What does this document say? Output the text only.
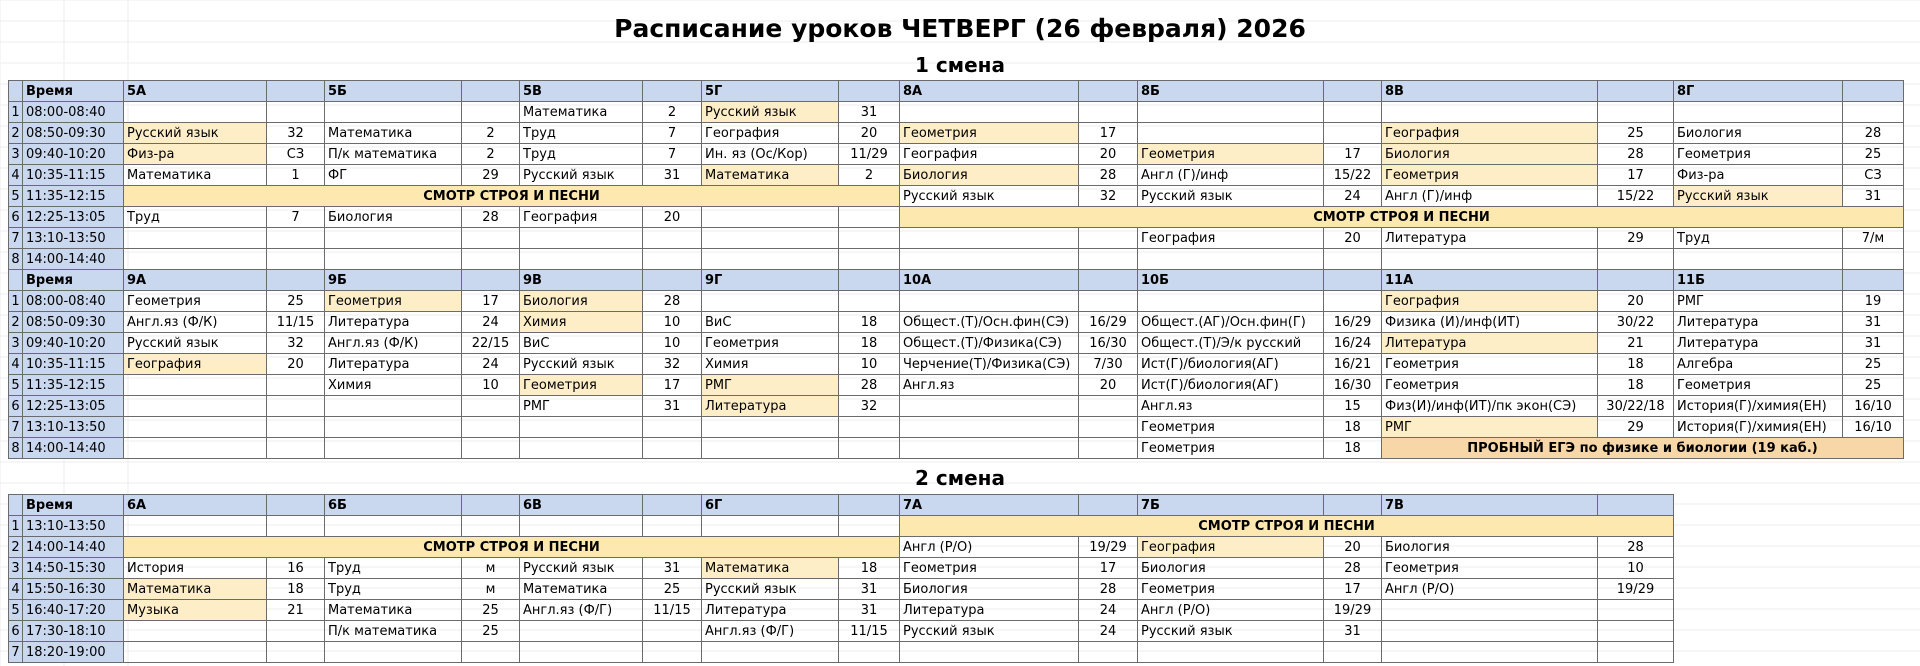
Расписание уроков ЧЕТВЕРГ (26 февраля) 2026
1 смена
2 смена
	Время	5А		5Б		5В		5Г		8А		8Б		8В		8Г	
1	08:00-08:40					Математика	2	Русский язык	31								
2	08:50-09:30	Русский язык	32	Математика	2	Труд	7	География	20	Геометрия	17			География	25	Биология	28
3	09:40-10:20	Физ-ра	СЗ	П/к математика	2	Труд	7	Ин. яз (Ос/Кор)	11/29	География	20	Геометрия	17	Биология	28	Геометрия	25
4	10:35-11:15	Математика	1	ФГ	29	Русский язык	31	Математика	2	Биология	28	Англ (Г)/инф	15/22	Геометрия	17	Физ-ра	СЗ
5	11:35-12:15	СМОТР СТРОЯ И ПЕСНИ								Русский язык	32	Русский язык	24	Англ (Г)/инф	15/22	Русский язык	31
6	12:25-13:05	Труд	7	Биология	28	География	20			СМОТР СТРОЯ И ПЕСНИ							
7	13:10-13:50											География	20	Литература	29	Труд	7/м
8	14:00-14:40																
	Время	9А		9Б		9В		9Г		10А		10Б		11А		11Б	
1	08:00-08:40	Геометрия	25	Геометрия	17	Биология	28							География	20	РМГ	19
2	08:50-09:30	Англ.яз (Ф/К)	11/15	Литература	24	Химия	10	ВиС	18	Общест.(Т)/Осн.фин(СЭ)	16/29	Общест.(АГ)/Осн.фин(Г)	16/29	Физика (И)/инф(ИТ)	30/22	Литература	31
3	09:40-10:20	Русский язык	32	Англ.яз (Ф/К)	22/15	ВиС	10	Геометрия	18	Общест.(Т)/Физика(СЭ)	16/30	Общест.(Т)/Э/к русский	16/24	Литература	21	Литература	31
4	10:35-11:15	География	20	Литература	24	Русский язык	32	Химия	10	Черчение(Т)/Физика(СЭ)	7/30	Ист(Г)/биология(АГ)	16/21	Геометрия	18	Алгебра	25
5	11:35-12:15			Химия	10	Геометрия	17	РМГ	28	Англ.яз	20	Ист(Г)/биология(АГ)	16/30	Геометрия	18	Геометрия	25
6	12:25-13:05					РМГ	31	Литература	32			Англ.яз	15	Физ(И)/инф(ИТ)/пк экон(СЭ)	30/22/18	История(Г)/химия(ЕН)	16/10
7	13:10-13:50											Геометрия	18	РМГ	29	История(Г)/химия(ЕН)	16/10
8	14:00-14:40											Геометрия	18	ПРОБНЫЙ ЕГЭ по физике и биологии (19 каб.)			
	Время	6А		6Б		6В		6Г		7А		7Б		7В		
1	13:10-13:50									СМОТР СТРОЯ И ПЕСНИ						
2	14:00-14:40	СМОТР СТРОЯ И ПЕСНИ								Англ (Р/О)	19/29	География	20	Биология	28	
3	14:50-15:30	История	16	Труд	м	Русский язык	31	Математика	18	Геометрия	17	Биология	28	Геометрия	10	
4	15:50-16:30	Математика	18	Труд	м	Математика	25	Русский язык	31	Биология	28	Геометрия	17	Англ (Р/О)	19/29	
5	16:40-17:20	Музыка	21	Математика	25	Англ.яз (Ф/Г)	11/15	Литература	31	Литература	24	Англ (Р/О)	19/29			
6	17:30-18:10			П/к математика	25			Англ.яз (Ф/Г)	11/15	Русский язык	24	Русский язык	31			
7	18:20-19:00															
